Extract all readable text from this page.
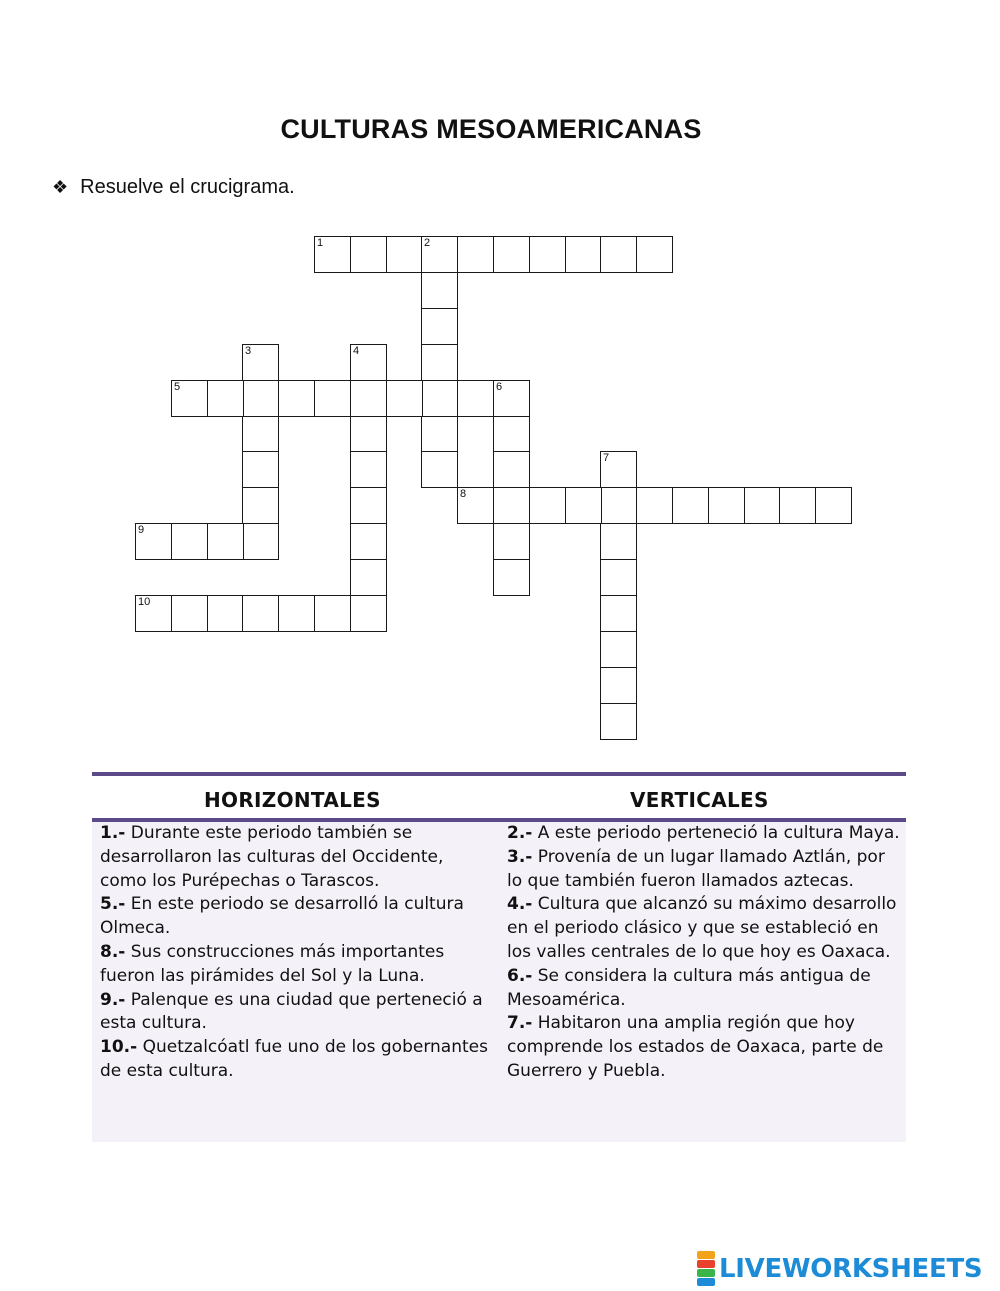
CULTURAS MESOAMERICANAS
❖ Resuelve el crucigrama.
1	2
3	4
5	6
7
8
9
10
HORIZONTALES	VERTICALES

1.- Durante este periodo también se desarrollaron las culturas del Occidente, como los Purépechas o Tarascos.

5.- En este periodo se desarrolló la cultura Olmeca.

8.- Sus construcciones más importantes fueron las pirámides del Sol y la Luna.

9.- Palenque es una ciudad que perteneció a esta cultura.

10.- Quetzalcóatl fue uno de los gobernantes de esta cultura.

2.- A este periodo perteneció la cultura Maya.

3.- Provenía de un lugar llamado Aztlán, por lo que también fueron llamados aztecas.

4.- Cultura que alcanzó su máximo desarrollo en el periodo clásico y que se estableció en los valles centrales de lo que hoy es Oaxaca.

6.- Se considera la cultura más antigua de Mesoamérica.

7.- Habitaron una amplia región que hoy comprende los estados de Oaxaca, parte de Guerrero y Puebla.

LIVEWORKSHEETS
